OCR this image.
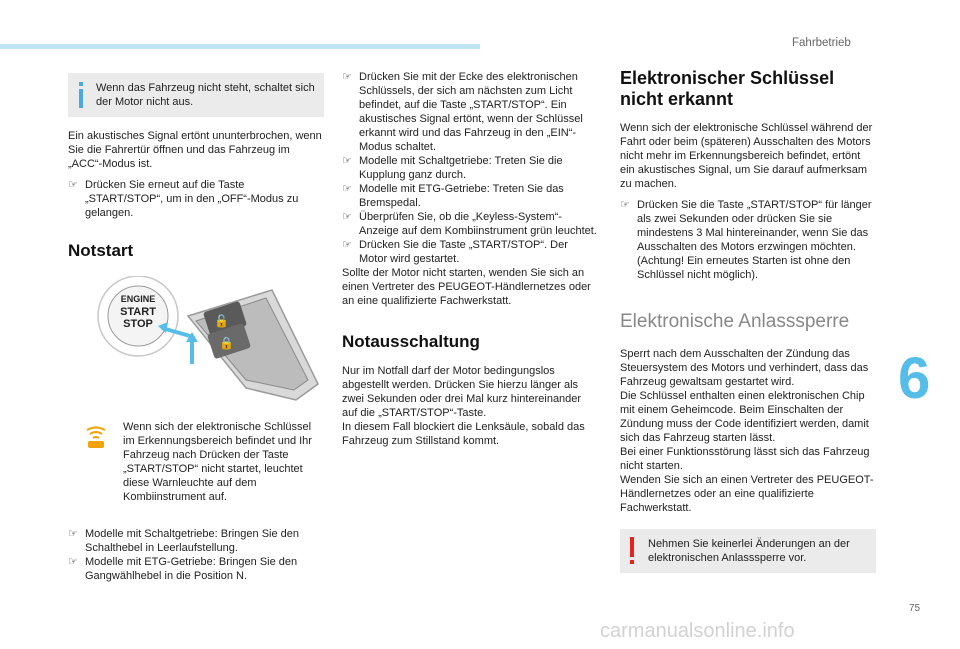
Fahrbetrieb
6
75

Wenn das Fahrzeug nicht steht, schaltet sich der Motor nicht aus.

Ein akustisches Signal ertönt ununterbrochen, wenn Sie die Fahrertür öffnen und das Fahrzeug im „ACC“-Modus ist.

☞ Drücken Sie erneut auf die Taste „START/STOP“, um in den „OFF“-Modus zu gelangen.

Notstart
ENGINE
START
STOP	🔓
🔒

Wenn sich der elektronische Schlüssel im Erkennungsbereich befindet und Ihr Fahrzeug nach Drücken der Taste „START/STOP“ nicht startet, leuchtet diese Warnleuchte auf dem Kombiinstrument auf.

☞ Modelle mit Schaltgetriebe: Bringen Sie den Schalthebel in Leerlaufstellung.

☞ Modelle mit ETG-Getriebe: Bringen Sie den Gangwählhebel in die Position N.

☞ Drücken Sie mit der Ecke des elektronischen Schlüssels, der sich am nächsten zum Licht befindet, auf die Taste „START/STOP“. Ein akustisches Signal ertönt, wenn der Schlüssel erkannt wird und das Fahrzeug in den „EIN“-Modus schaltet.

☞ Modelle mit Schaltgetriebe: Treten Sie die Kupplung ganz durch.

☞ Modelle mit ETG-Getriebe: Treten Sie das Bremspedal.

☞ Überprüfen Sie, ob die „Keyless-System“-Anzeige auf dem Kombiinstrument grün leuchtet.

☞ Drücken Sie die Taste „START/STOP“. Der Motor wird gestartet.

Sollte der Motor nicht starten, wenden Sie sich an einen Vertreter des PEUGEOT-Händlernetzes oder an eine qualifizierte Fachwerkstatt.

Notausschaltung

Nur im Notfall darf der Motor bedingungslos abgestellt werden. Drücken Sie hierzu länger als zwei Sekunden oder drei Mal kurz hintereinander auf die „START/STOP“-Taste.
In diesem Fall blockiert die Lenksäule, sobald das Fahrzeug zum Stillstand kommt.

Elektronischer Schlüssel
nicht erkannt

Wenn sich der elektronische Schlüssel während der Fahrt oder beim (späteren) Ausschalten des Motors nicht mehr im Erkennungsbereich befindet, ertönt ein akustisches Signal, um Sie darauf aufmerksam zu machen.

☞ Drücken Sie die Taste „START/STOP“ für länger als zwei Sekunden oder drücken Sie sie mindestens 3 Mal hintereinander, wenn Sie das Ausschalten des Motors erzwingen möchten. (Achtung! Ein erneutes Starten ist ohne den Schlüssel nicht möglich).

Elektronische Anlasssperre

Sperrt nach dem Ausschalten der Zündung das Steuersystem des Motors und verhindert, dass das Fahrzeug gewaltsam gestartet wird.
Die Schlüssel enthalten einen elektronischen Chip mit einem Geheimcode. Beim Einschalten der Zündung muss der Code identifiziert werden, damit sich das Fahrzeug starten lässt.
Bei einer Funktionsstörung lässt sich das Fahrzeug nicht starten.
Wenden Sie sich an einen Vertreter des PEUGEOT-Händlernetzes oder an eine qualifizierte Fachwerkstatt.

Nehmen Sie keinerlei Änderungen an der elektronischen Anlasssperre vor.

carmanualsonline.info
